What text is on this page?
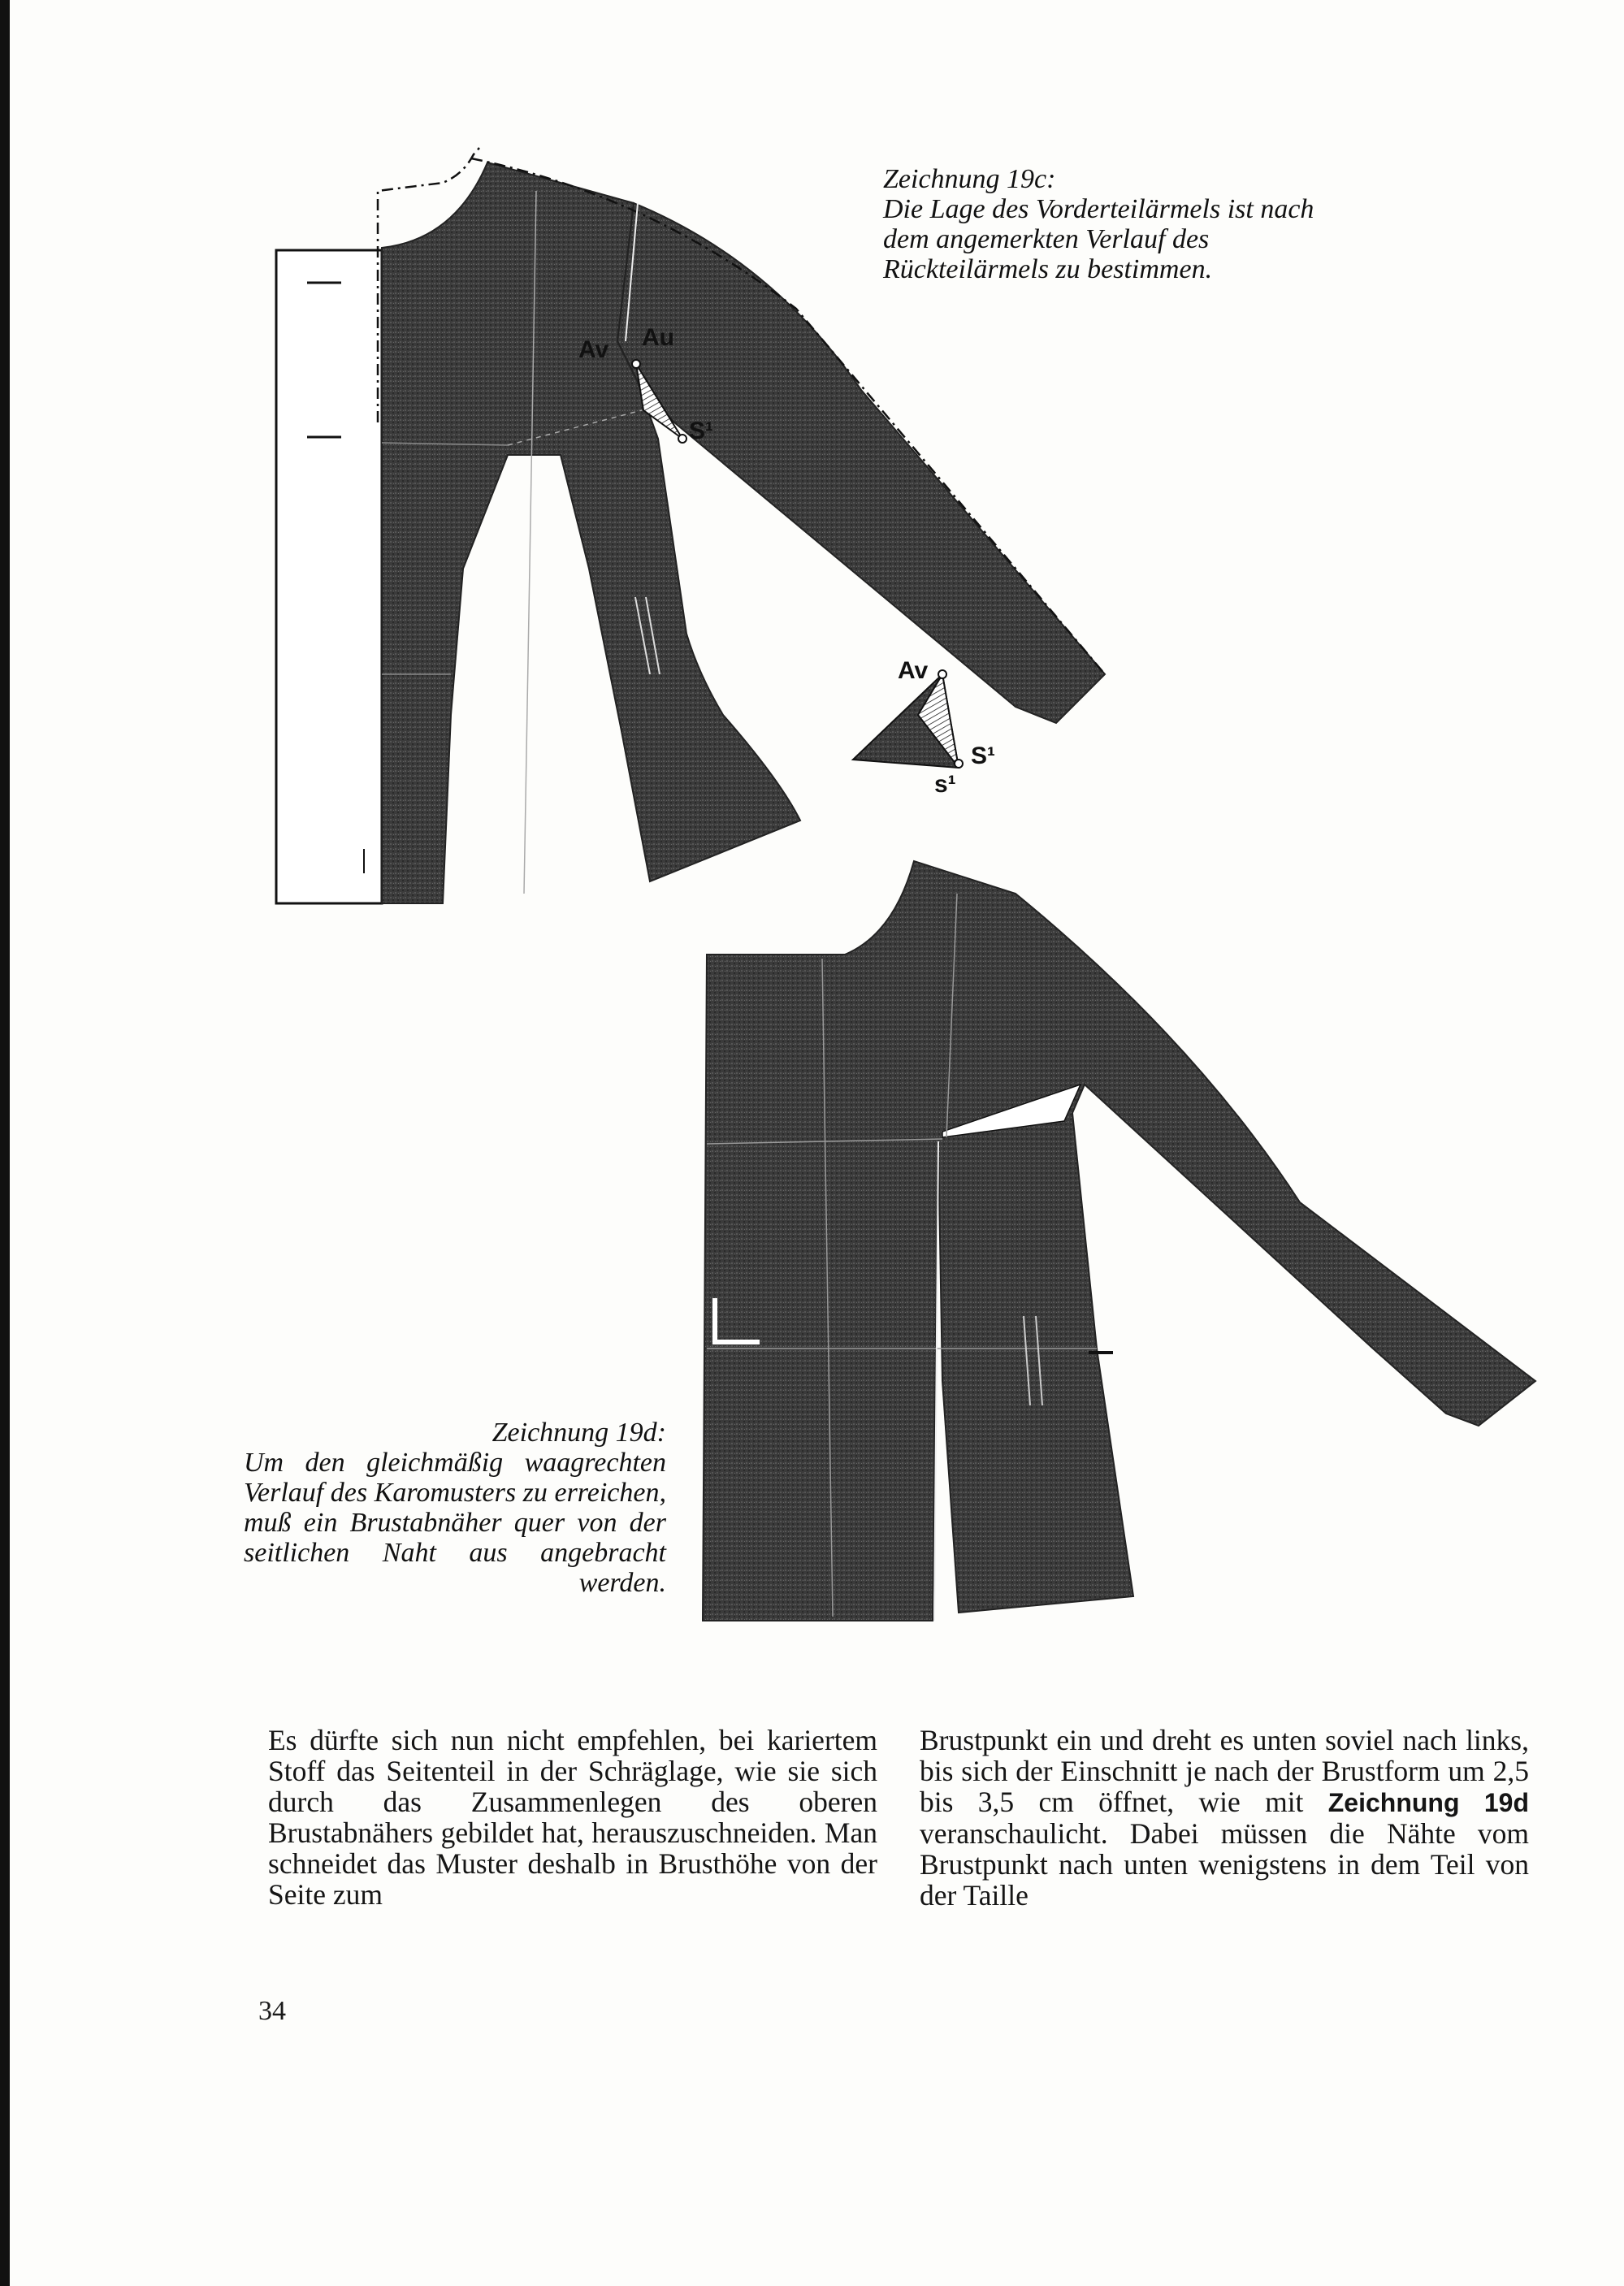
Av Au
S¹
Av
S¹
s¹
Zeichnung 19c:
Die Lage des Vorderteilärmels ist nach dem angemerkten Verlauf des Rückteilärmels zu bestimmen.
Zeichnung 19d:
Um den gleichmäßig waagrechten Verlauf des Karomusters zu erreichen, muß ein Brustabnäher quer von der seitlichen Naht aus angebracht werden.
Es dürfte sich nun nicht empfehlen, bei kariertem Stoff das Seitenteil in der Schräglage, wie sie sich durch das Zusammenlegen des oberen Brustabnähers gebildet hat, herauszuschneiden. Man schneidet das Muster deshalb in Brusthöhe von der Seite zum
Brustpunkt ein und dreht es unten soviel nach links, bis sich der Einschnitt je nach der Brustform um 2,5 bis 3,5 cm öffnet, wie mit Zeichnung 19d veranschaulicht. Dabei müssen die Nähte vom Brustpunkt nach unten wenigstens in dem Teil von der Taille
34
